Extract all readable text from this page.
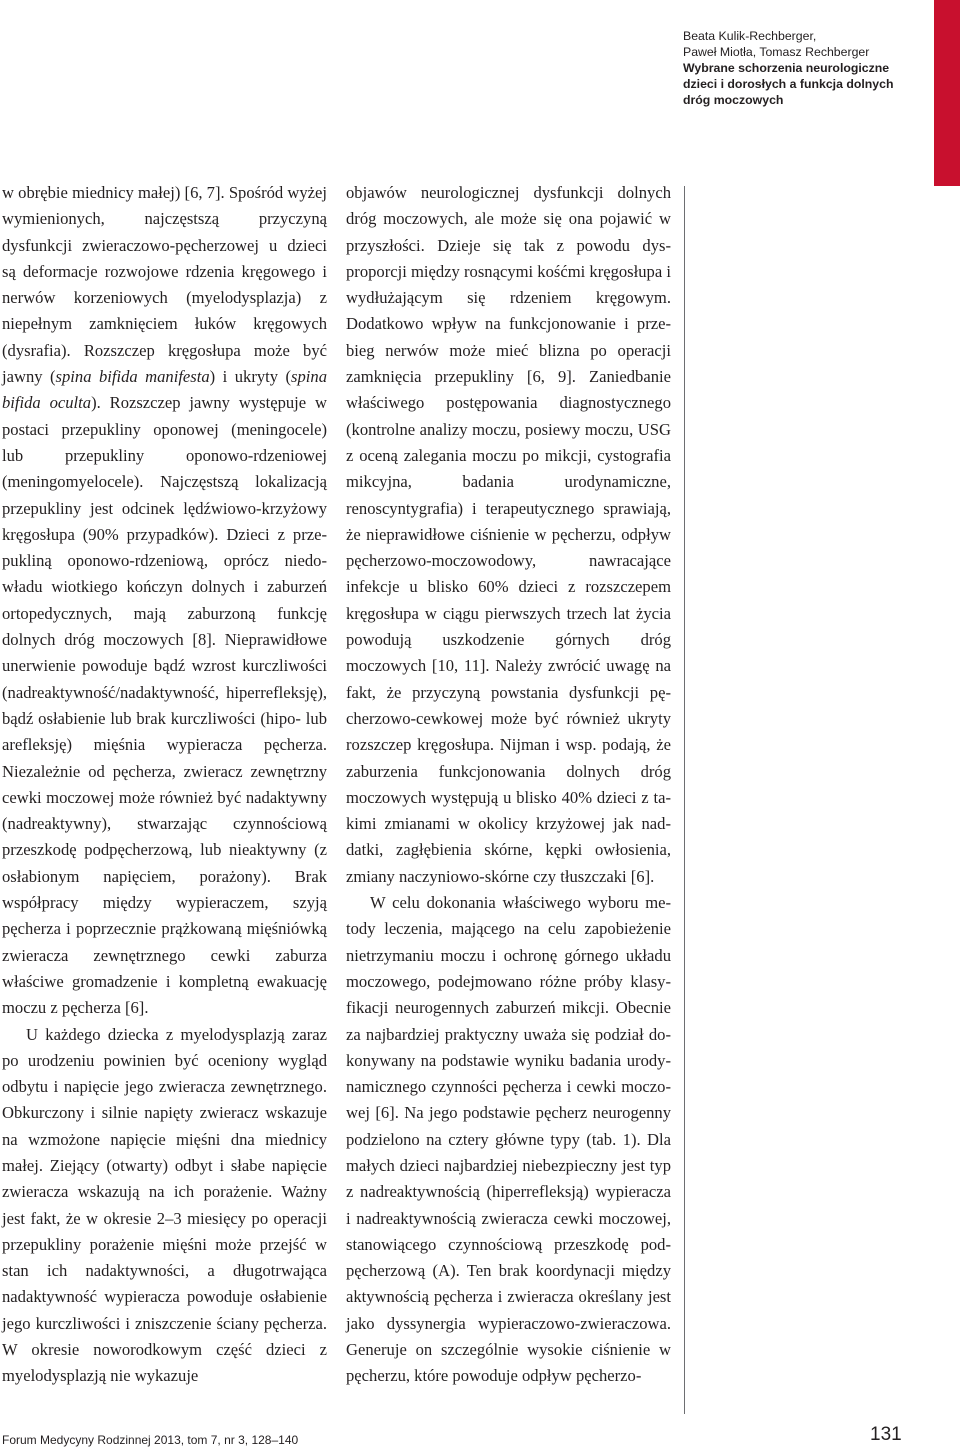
Beata Kulik-Rechberger,
Paweł Miotła, Tomasz Rechberger
Wybrane schorzenia neurologiczne
dzieci i dorosłych a funkcja dolnych
dróg moczowych

w obrębie miednicy małej) [6, 7]. Spośród wyżej wymienionych, najczęstszą przyczyną dysfunkcji zwieraczowo-pęcherzowej u dzieci są deformacje rozwojowe rdzenia kręgowego i nerwów korzeniowych (myelodysplazja) z niepełnym zamknięciem łuków kręgowych (dysrafia). Rozszczep kręgosłupa może być jawny (spina bifida manifesta) i ukryty (spina bifida oculta). Rozszczep jawny występuje w postaci przepukliny oponowej (meningocele) lub przepukliny oponowo-rdzeniowej (meningomyelocele). Najczęstszą lokalizacją przepukliny jest odcinek lędźwiowo-krzyżowy kręgosłupa (90% przypadków). Dzieci z przepukliną oponowo-rdzeniową, oprócz niedowładu wiotkiego kończyn dolnych i zaburzeń ortopedycznych, mają zaburzoną funkcję dolnych dróg moczowych [8]. Nieprawidłowe unerwienie powoduje bądź wzrost kurczliwości (nadreaktywność/nadaktywność, hiperrefleksję), bądź osłabienie lub brak kurczliwości (hipo- lub arefleksję) mięśnia wypieracza pęcherza. Niezależnie od pęcherza, zwieracz zewnętrzny cewki moczowej może również być nadaktywny (nadreaktywny), stwarzając czynnościową przeszkodę podpęcherzową, lub nieaktywny (z osłabionym napięciem, porażony). Brak współpracy między wypieraczem, szyją pęcherza i poprzecznie prążkowaną mięśniówką zwieracza zewnętrznego cewki zaburza właściwe gromadzenie i kompletną ewakuację moczu z pęcherza [6].

U każdego dziecka z myelodysplazją zaraz po urodzeniu powinien być oceniony wygląd odbytu i napięcie jego zwieracza zewnętrznego. Obkurczony i silnie napięty zwieracz wskazuje na wzmożone napięcie mięśni dna miednicy małej. Ziejący (otwarty) odbyt i słabe napięcie zwieracza wskazują na ich porażenie. Ważny jest fakt, że w okresie 2–3 miesięcy po operacji przepukliny porażenie mięśni może przejść w stan ich nadaktywności, a długotrwająca nadaktywność wypieracza powoduje osłabienie jego kurczliwości i zniszczenie ściany pęcherza. W okresie noworodkowym część dzieci z myelodysplazją nie wykazuje

objawów neurologicznej dysfunkcji dolnych dróg moczowych, ale może się ona pojawić w przyszłości. Dzieje się tak z powodu dysproporcji między rosnącymi kośćmi kręgosłupa i wydłużającym się rdzeniem kręgowym. Dodatkowo wpływ na funkcjonowanie i przebieg nerwów może mieć blizna po operacji zamknięcia przepukliny [6, 9]. Zaniedbanie właściwego postępowania diagnostycznego (kontrolne analizy moczu, posiewy moczu, USG z oceną zalegania moczu po mikcji, cystografia mikcyjna, badania urodynamiczne, renoscyntygrafia) i terapeutycznego sprawiają, że nieprawidłowe ciśnienie w pęcherzu, odpływ pęcherzowo-moczowodowy, nawracające infekcje u blisko 60% dzieci z rozszczepem kręgosłupa w ciągu pierwszych trzech lat życia powodują uszkodzenie górnych dróg moczowych [10, 11]. Należy zwrócić uwagę na fakt, że przyczyną powstania dysfunkcji pęcherzowo-cewkowej może być również ukryty rozszczep kręgosłupa. Nijman i wsp. podają, że zaburzenia funkcjonowania dolnych dróg moczowych występują u blisko 40% dzieci z takimi zmianami w okolicy krzyżowej jak naddatki, zagłębienia skórne, kępki owłosienia, zmiany naczyniowo-skórne czy tłuszczaki [6].

W celu dokonania właściwego wyboru metody leczenia, mającego na celu zapobieżenie nietrzymaniu moczu i ochronę górnego układu moczowego, podejmowano różne próby klasyfikacji neurogennych zaburzeń mikcji. Obecnie za najbardziej praktyczny uważa się podział dokonywany na podstawie wyniku badania urodynamicznego czynności pęcherza i cewki moczowej [6]. Na jego podstawie pęcherz neurogenny podzielono na cztery główne typy (tab. 1). Dla małych dzieci najbardziej niebezpieczny jest typ z nadreaktywnością (hiperrefleksją) wypieracza i nadreaktywnością zwieracza cewki moczowej, stanowiącego czynnościową przeszkodę podpęcherzową (A). Ten brak koordynacji między aktywnością pęcherza i zwieracza określany jest jako dyssynergia wypieraczowo-zwieraczowa. Generuje on szczególnie wysokie ciśnienie w pęcherzu, które powoduje odpływ pęcherzo-

Forum Medycyny Rodzinnej 2013, tom 7, nr 3, 128–140	131
